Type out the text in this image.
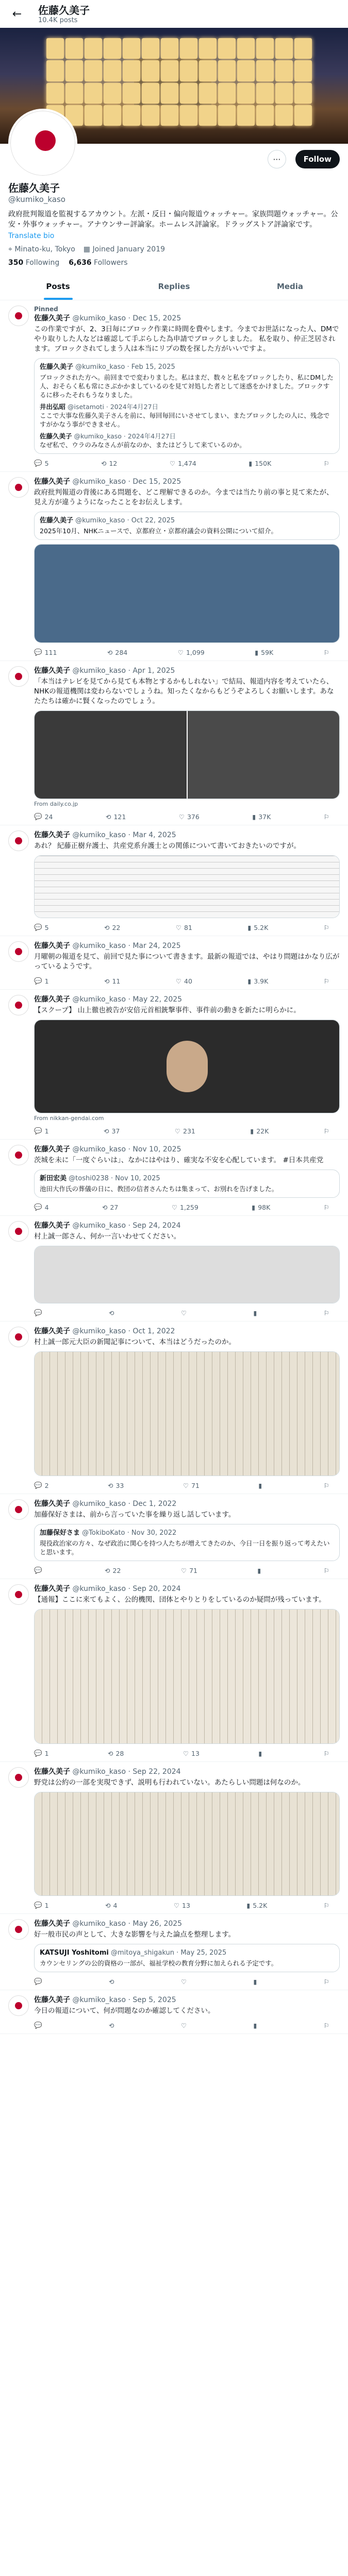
←	佐藤久美子
10.4K posts
⋯	Follow
佐藤久美子
@kumiko_kaso
政府批判報道を監視するアカウント。左派・反日・偏向報道ウォッチャー。家族問題ウォッチャー。公安・外事ウォッチャー。アナウンサー評論家。ホームレス評論家。ドラッグストア評論家です。
Translate bio
⌖ Minato-ku, Tokyo ▦ Joined January 2019
350 Following 6,636 Followers
Posts	Replies	Media
Pinned
佐藤久美子 @kumiko_kaso · Dec 15, 2025
この作業ですが、2、3日毎にブロック作業に時間を費やします。今までお世話になった人、DMでやり取りした人などは確認して手ぶらした為申請でブロックしました。 私を取り、仲正芝居されます。ブロックされてしまう人は本当にリプの数を探した方がいいですよ。
佐藤久美子 @kumiko_kaso · Feb 15, 2025
ブロックされた方へ。前回までで変わりました。私はまだ、数々と私をブロックしたり、私にDMした人、おそらく私も常にさぶかかましているのを見て対処した者として迷惑をかけました。ブロックするに移ったそれもうなりました。
井出弘昭 @isetamoti · 2024年4月27日
ここで大事な佐藤久美子さんを前に、毎回毎回にいさせてしまい、またブロックしたの人に、残念ですがかなう事ができません。
佐藤久美子 @kumiko_kaso · 2024年4月27日
なぜ私で、ウラのみなさんが前なのか、またはどうして来ているのか。
💬 5	⟲ 12	♡ 1,474	▮ 150K	⚐
佐藤久美子 @kumiko_kaso · Dec 15, 2025
政府批判報道の背後にある問題を、どこ理解できるのか。今までは当たり前の事と見て来たが、見え方が違うようになったことをお伝えします。
佐藤久美子 @kumiko_kaso · Oct 22, 2025
2025年10月、NHKニュースで、京都府立・京都府議会の資料公開について紹介。
💬 111	⟲ 284	♡ 1,099	▮ 59K	⚐
佐藤久美子 @kumiko_kaso · Apr 1, 2025
「本当はテレビを見てから見ても本物とするかもしれない」で結局、報道内容を考えていたら、NHKの報道機関は変わらないでしょうね。知ったくなからもどうぞよろしくお願いします。あなたたちは確かに賢くなったのでしょう。
From daily.co.jp
💬 24	⟲ 121	♡ 376	▮ 37K	⚐
佐藤久美子 @kumiko_kaso · Mar 4, 2025
あれ？ 紀藤正樹弁護士、共産党系弁護士との関係について書いておきたいのですが。
💬 5	⟲ 22	♡ 81	▮ 5.2K	⚐
佐藤久美子 @kumiko_kaso · Mar 24, 2025
月曜朝の報道を見て、前回で見た事について書きます。最新の報道では、やはり問題はかなり広がっているようです。
💬 1	⟲ 11	♡ 40	▮ 3.9K	⚐
佐藤久美子 @kumiko_kaso · May 22, 2025
【スクープ】 山上徹也被告が安倍元首相銃撃事件、事件前の動きを新たに明らかに。
From nikkan-gendai.com
💬 1	⟲ 37	♡ 231	▮ 22K	⚐
佐藤久美子 @kumiko_kaso · Nov 10, 2025
茨城を未に「一度ぐらいは」、なかにはやはり、確実な不安を心配しています。 #日本共産党
新田宏美 @toshi0238 · Nov 10, 2025
池田大作氏の葬儀の日に、教団の信者さんたちは集まって、お別れを告げました。
💬 4	⟲ 27	♡ 1,259	▮ 98K	⚐
佐藤久美子 @kumiko_kaso · Sep 24, 2024
村上誠一郎さん、何か一言いわせてください。
💬	⟲	♡	▮	⚐
佐藤久美子 @kumiko_kaso · Oct 1, 2022
村上誠一郎元大臣の新聞記事について、本当はどうだったのか。
💬 2	⟲ 33	♡ 71	▮	⚐
佐藤久美子 @kumiko_kaso · Dec 1, 2022
加藤保好さまは、前から言っていた事を繰り返し話しています。
加藤保好さま @TokiboKato · Nov 30, 2022
現役政治家の方々、なぜ政治に関心を持つ人たちが増えてきたのか、今日一日を振り返って考えたいと思います。
💬	⟲ 22	♡ 71	▮	⚐
佐藤久美子 @kumiko_kaso · Sep 20, 2024
【通報】ここに来てもよく、公的機関、団体とやりとりをしているのか疑問が残っています。
💬 1	⟲ 28	♡ 13	▮	⚐
佐藤久美子 @kumiko_kaso · Sep 22, 2024
野党は公約の一部を実現できず、説明も行われていない。あたらしい問題は何なのか。
💬 1	⟲ 4	♡ 13	▮ 5.2K	⚐
佐藤久美子 @kumiko_kaso · May 26, 2025
好一般市民の声として、大きな影響を与えた論点を整理します。
KATSUJI Yoshitomi @mitoya_shigakun · May 25, 2025
カウンセリングの公的資格の一部が、福祉学校の教育分野に加えられる予定です。
💬	⟲	♡	▮	⚐
佐藤久美子 @kumiko_kaso · Sep 5, 2025
今日の報道について、何が問題なのか確認してください。
💬	⟲	♡	▮	⚐
